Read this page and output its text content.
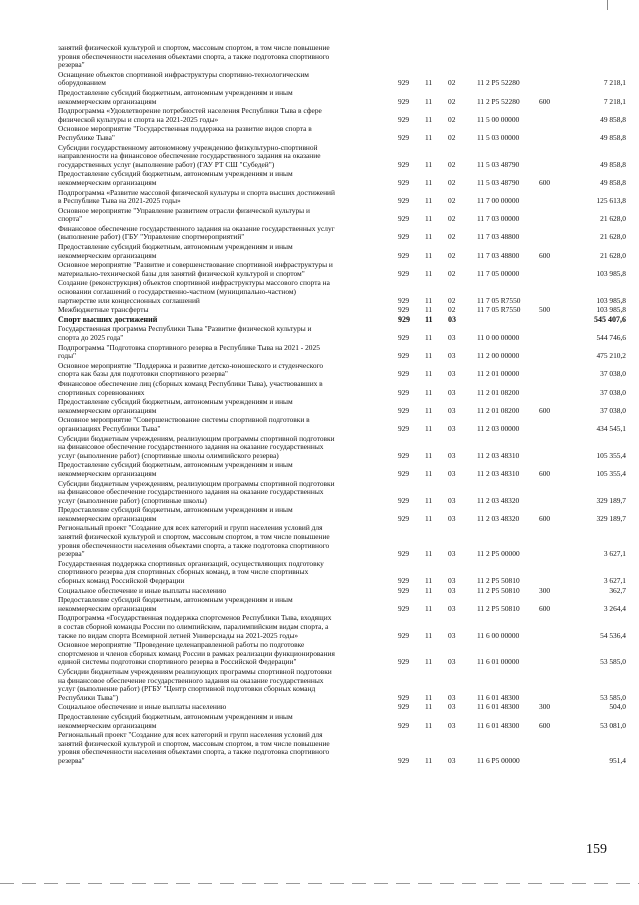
занятий физической культурой и спортом, массовым спортом, в том числе повышение
уровня обеспеченности населения объектами спорта, а также подготовка спортивного
резерва"
Оснащение объектов спортивной инфраструктуры спортивно-технологическим
оборудованием	929 11 02	11 2 P5 52280	7 218,1
Предоставление субсидий бюджетным, автономным учреждениям и иным
некоммерческим организациям	929 11 02	11 2 P5 52280	600	7 218,1
Подпрограмма «Удовлетворение потребностей населения Республики Тыва в сфере
физической культуры и спорта на 2021-2025 годы»	929 11 02	11 5 00 00000	49 858,8
Основное мероприятие "Государственная поддержка на развитие видов спорта в
Республике Тыва"	929 11 02	11 5 03 00000	49 858,8
Субсидии государственному автономному учреждению физкультурно-спортивной
направленности на финансовое обеспечение государственного задания на оказание
государственных услуг (выполнение работ) (ГАУ РТ СШ "Субедей")	929 11 02	11 5 03 48790	49 858,8
Предоставление субсидий бюджетным, автономным учреждениям и иным
некоммерческим организациям	929 11 02	11 5 03 48790	600	49 858,8
Подпрограмма «Развитие массовой физической культуры и спорта высших достижений
в Республике Тыва на 2021-2025 годы»	929 11 02	11 7 00 00000	125 613,8
Основное мероприятие "Управление развитием отрасли физической культуры и
спорта"	929 11 02	11 7 03 00000	21 628,0
Финансовое обеспечение государственного задания на оказание государственных услуг
(выполнение работ) (ГБУ "Управление спортмероприятий"	929 11 02	11 7 03 48800	21 628,0
Предоставление субсидий бюджетным, автономным учреждениям и иным
некоммерческим организациям	929 11 02	11 7 03 48800	600	21 628,0
Основное мероприятие "Развитие и совершенствование спортивной инфраструктуры и
материально-технической базы для занятий физической культурой и спортом"	929 11 02	11 7 05 00000	103 985,8
Создание (реконструкция) объектов спортивной инфраструктуры массового спорта на
основании соглашений о государственно-частном (муниципально-частном)
партнерстве или концессионных соглашений	929 11 02	11 7 05 R7550	103 985,8
Межбюджетные трансферты	929 11 02	11 7 05 R7550	500	103 985,8
Спорт высших достижений	929 11 03	545 407,6
Государственная программа Республики Тыва "Развитие физической культуры и
спорта до 2025 года"	929 11 03	11 0 00 00000	544 746,6
Подпрограмма "Подготовка спортивного резерва в Республике Тыва на 2021 - 2025
годы"	929 11 03	11 2 00 00000	475 210,2
Основное мероприятие "Поддержка и развитие детско-юношеского и студенческого
спорта как базы для подготовки спортивного резерва"	929 11 03	11 2 01 00000	37 038,0
Финансовое обеспечение лиц (сборных команд Республики Тыва), участвовавших в
спортивных соревнованиях	929 11 03	11 2 01 08200	37 038,0
Предоставление субсидий бюджетным, автономным учреждениям и иным
некоммерческим организациям	929 11 03	11 2 01 08200	600	37 038,0
Основное мероприятие "Совершенствование системы спортивной подготовки в
организациях Республики Тыва"	929 11 03	11 2 03 00000	434 545,1
Субсидии бюджетным учреждениям, реализующим программы спортивной подготовки
на финансовое обеспечение государственного задания на оказание государственных
услуг (выполнение работ) (спортивные школы олимпийского резерва)	929 11 03	11 2 03 48310	105 355,4
Предоставление субсидий бюджетным, автономным учреждениям и иным
некоммерческим организациям	929 11 03	11 2 03 48310	600	105 355,4
Субсидии бюджетным учреждениям, реализующим программы спортивной подготовки
на финансовое обеспечение государственного задания на оказание государственных
услуг (выполнение работ) (спортивные школы)	929 11 03	11 2 03 48320	329 189,7
Предоставление субсидий бюджетным, автономным учреждениям и иным
некоммерческим организациям	929 11 03	11 2 03 48320	600	329 189,7
Региональный проект "Создание для всех категорий и групп населения условий для
занятий физической культурой и спортом, массовым спортом, в том числе повышение
уровня обеспеченности населения объектами спорта, а также подготовка спортивного
резерва"	929 11 03	11 2 P5 00000	3 627,1
Государственная поддержка спортивных организаций, осуществляющих подготовку
спортивного резерва для спортивных сборных команд, в том числе спортивных
сборных команд Российской Федерации	929 11 03	11 2 P5 50810	3 627,1
Социальное обеспечение и иные выплаты населению	929 11 03	11 2 P5 50810	300	362,7
Предоставление субсидий бюджетным, автономным учреждениям и иным
некоммерческим организациям	929 11 03	11 2 P5 50810	600	3 264,4
Подпрограмма «Государственная поддержка спортсменов Республики Тыва, входящих
в состав сборной команды России по олимпийским, паралимпийским видам спорта, а
также по видам спорта Всемирной летней Универсиады на 2021-2025 годы»	929 11 03	11 6 00 00000	54 536,4
Основное мероприятие "Проведение целенаправленной работы по подготовке
спортсменов и членов сборных команд России в рамках реализации функционирования
единой системы подготовки спортивного резерва в Российской Федерации"	929 11 03	11 6 01 00000	53 585,0
Субсидии бюджетным учреждениям реализующих программы спортивной подготовки
на финансовое обеспечение государственного задания на оказание государственных
услуг (выполнение работ) (РГБУ "Центр спортивной подготовки сборных команд
Республики Тыва")	929 11 03	11 6 01 48300	53 585,0
Социальное обеспечение и иные выплаты населению	929 11 03	11 6 01 48300	300	504,0
Предоставление субсидий бюджетным, автономным учреждениям и иным
некоммерческим организациям	929 11 03	11 6 01 48300	600	53 081,0
Региональный проект "Создание для всех категорий и групп населения условий для
занятий физической культурой и спортом, массовым спортом, в том числе повышение
уровня обеспеченности населения объектами спорта, а также подготовка спортивного
резерва"	929 11 03	11 6 P5 00000	951,4
159
